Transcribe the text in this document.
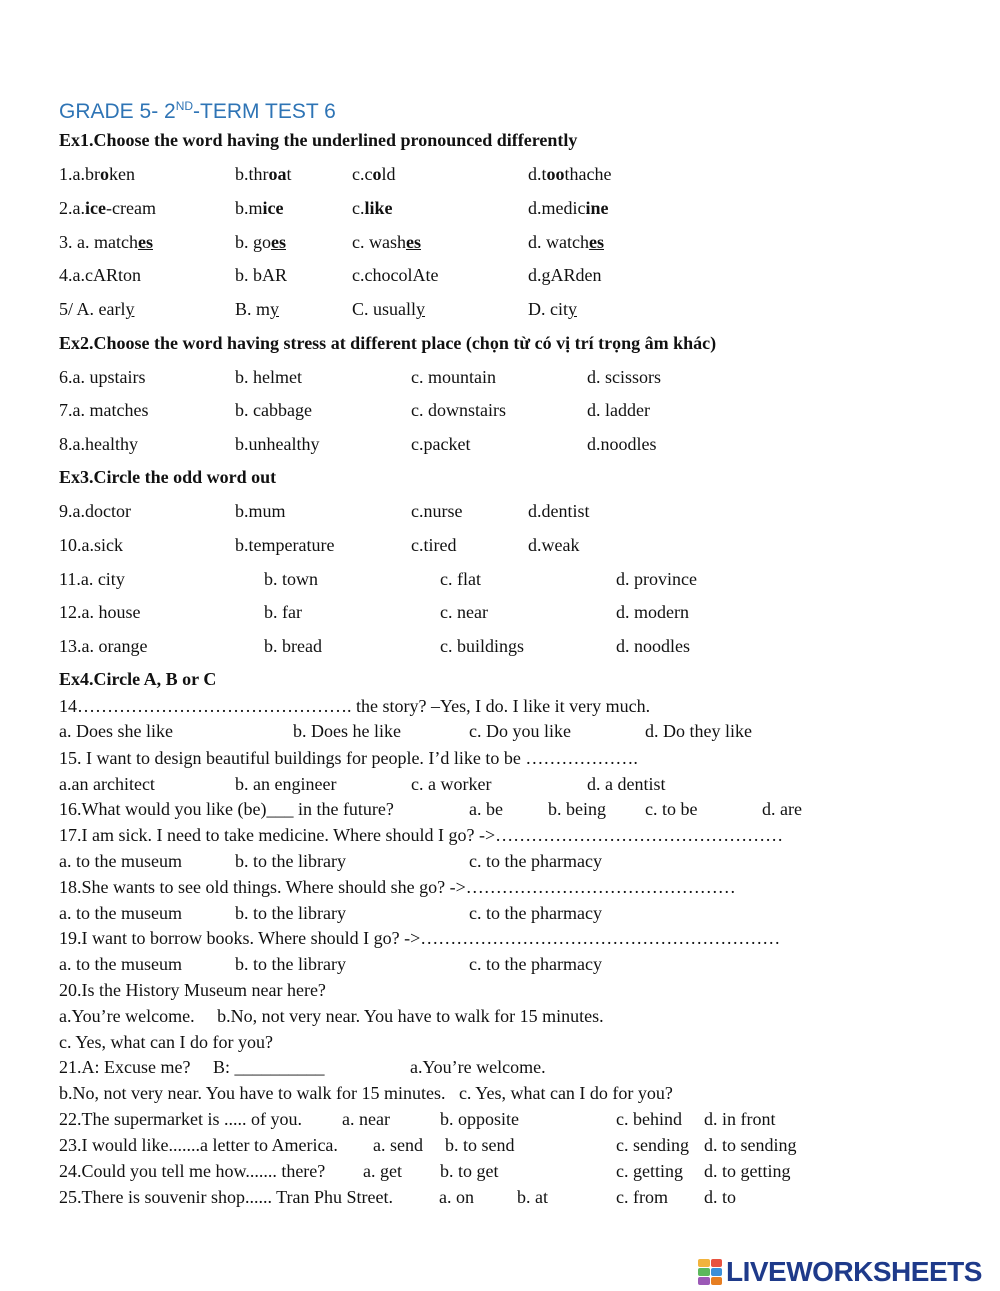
GRADE 5- 2ND-TERM TEST 6
Ex1.Choose the word having the underlined pronounced differently
1.a.broken	b.throat	c.cold	d.toothache
2.a.ice-cream	b.mice	c.like	d.medicine
3. a. matches	b. goes	c. washes	d. watches
4.a.cARton	b. bAR	c.chocolAte	d.gARden
5/ A. early	B. my	C. usually	D. city
Ex2.Choose the word having stress at different place (chọn từ có vị trí trọng âm khác)
6.a. upstairs	b. helmet	c. mountain	d. scissors
7.a. matches	b. cabbage	c. downstairs	d. ladder
8.a.healthy	b.unhealthy	c.packet	d.noodles
Ex3.Circle the odd word out
9.a.doctor	b.mum	c.nurse	d.dentist
10.a.sick	b.temperature	c.tired	d.weak
11.a. city	b. town	c. flat	d. province
12.a. house	b. far	c. near	d. modern
13.a. orange	b. bread	c. buildings	d. noodles
Ex4.Circle A, B or C
14………………………………………. the story? –Yes, I do. I like it very much.
a. Does she like	b. Does he like	c. Do you like	d. Do they like
15. I want to design beautiful buildings for people. I’d like to be ……………….
a.an architect	b. an engineer	c. a worker	d. a dentist
16.What would you like (be)___ in the future?	a. be	b. being c. to be	d. are
17.I am sick. I need to take medicine. Where should I go? ->…………………………………………
a. to the museum	b. to the library	c. to the pharmacy
18.She wants to see old things. Where should she go? ->………………………………………
a. to the museum	b. to the library	c. to the pharmacy
19.I want to borrow books. Where should I go? ->……………………………………………………
a. to the museum	b. to the library	c. to the pharmacy
20.Is the History Museum near here?
a.You’re welcome.     b.No, not very near. You have to walk for 15 minutes.
c. Yes, what can I do for you?
21.A: Excuse me?     B: __________	a.You’re welcome.
b.No, not very near. You have to walk for 15 minutes.   c. Yes, what can I do for you?
22.The supermarket is ..... of you. a. near	b. opposite	c. behind d. in front
23.I would like.......a letter to America. a. send b. to send	c. sending d. to sending
24.Could you tell me how....... there? a. get b. to get	c. getting d. to getting
25.There is souvenir shop...... Tran Phu Street.	a. on b. at	c. from d. to
LIVEWORKSHEETS
